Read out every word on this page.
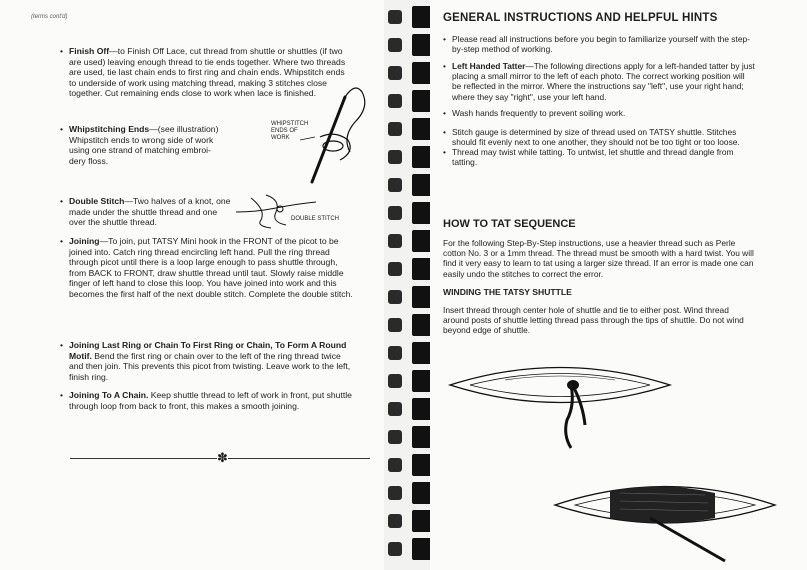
(terms cont'd)
• Finish Off—to Finish Off Lace, cut thread from shuttle or shuttles (if two
are used) leaving enough thread to tie ends together. Where two threads
are used, tie last chain ends to first ring and chain ends. Whipstitch ends
to underside of work using matching thread, making 3 stitches close
together. Cut remaining ends close to work when lace is finished.
• Whipstitching Ends—(see illustration)
Whipstitch ends to wrong side of work
using one strand of matching embroi-
dery floss.
WHIPSTITCH
ENDS OF
WORK
• Double Stitch—Two halves of a knot, one
made under the shuttle thread and one
over the shuttle thread.	DOUBLE STITCH
• Joining—To join, put TATSY Mini hook in the FRONT of the picot to be
joined into. Catch ring thread encircling left hand. Pull the ring thread
through picot until there is a loop large enough to pass shuttle through,
from BACK to FRONT, draw shuttle thread until taut. Slowly raise middle
finger of left hand to close this loop. You have joined into work and this
becomes the first half of the next double stitch. Complete the double stitch.
• Joining Last Ring or Chain To First Ring or Chain, To Form A Round
Motif. Bend the first ring or chain over to the left of the ring thread twice
and then join. This prevents this picot from twisting. Leave work to the left,
finish ring.
• Joining To A Chain. Keep shuttle thread to left of work in front, put shuttle
through loop from back to front, this makes a smooth joining.
✽
GENERAL INSTRUCTIONS AND HELPFUL HINTS
• Please read all instructions before you begin to familiarize yourself with the step-
by-step method of working.
• Left Handed Tatter—The following directions apply for a left-handed tatter by just
placing a small mirror to the left of each photo. The correct working position will
be reflected in the mirror. Where the instructions say "left", use your right hand;
where they say "right", use your left hand.
• Wash hands frequently to prevent soiling work.
• Stitch gauge is determined by size of thread used on TATSY shuttle. Stitches
should fit evenly next to one another, they should not be too tight or too loose.
• Thread may twist while tatting. To untwist, let shuttle and thread dangle from
tatting.
HOW TO TAT SEQUENCE
For the following Step-By-Step instructions, use a heavier thread such as Perle
cotton No. 3 or a 1mm thread. The thread must be smooth with a hard twist. You will
find it very easy to learn to tat using a larger size thread. If an error is made one can
easily undo the stitches to correct the error.
WINDING THE TATSY SHUTTLE
Insert thread through center hole of shuttle and tie to either post. Wind thread
around posts of shuttle letting thread pass through the tips of shuttle. Do not wind
beyond edge of shuttle.
